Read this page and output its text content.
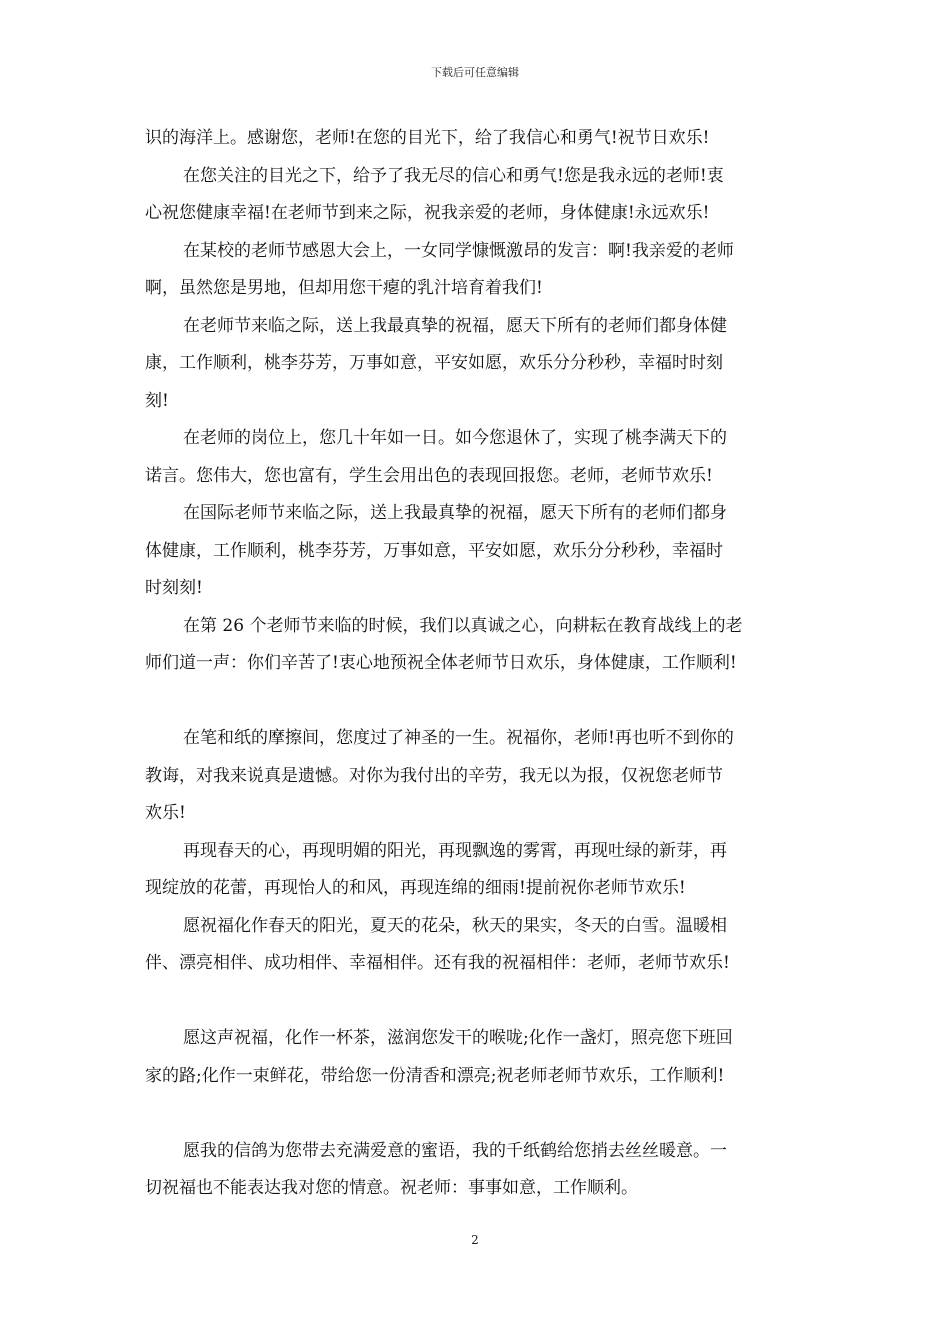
下载后可任意编辑

识的海洋上。感谢您，老师!在您的目光下，给了我信心和勇气!祝节日欢乐!

在您关注的目光之下，给予了我无尽的信心和勇气!您是我永远的老师!衷
心祝您健康幸福!在老师节到来之际，祝我亲爱的老师，身体健康!永远欢乐!

在某校的老师节感恩大会上，一女同学慷慨激昂的发言：啊!我亲爱的老师
啊，虽然您是男地，但却用您干瘪的乳汁培育着我们!

在老师节来临之际，送上我最真挚的祝福，愿天下所有的老师们都身体健
康，工作顺利，桃李芬芳，万事如意，平安如愿，欢乐分分秒秒，幸福时时刻
刻!

在老师的岗位上，您几十年如一日。如今您退休了，实现了桃李满天下的
诺言。您伟大，您也富有，学生会用出色的表现回报您。老师，老师节欢乐!

在国际老师节来临之际，送上我最真挚的祝福，愿天下所有的老师们都身
体健康，工作顺利，桃李芬芳，万事如意，平安如愿，欢乐分分秒秒，幸福时
时刻刻!

在第 26 个老师节来临的时候，我们以真诚之心，向耕耘在教育战线上的老
师们道一声：你们辛苦了!衷心地预祝全体老师节日欢乐，身体健康，工作顺利!

在笔和纸的摩擦间，您度过了神圣的一生。祝福你，老师!再也听不到你的
教诲，对我来说真是遗憾。对你为我付出的辛劳，我无以为报，仅祝您老师节
欢乐!

再现春天的心，再现明媚的阳光，再现飘逸的雾霄，再现吐绿的新芽，再
现绽放的花蕾，再现怡人的和风，再现连绵的细雨!提前祝你老师节欢乐!

愿祝福化作春天的阳光，夏天的花朵，秋天的果实，冬天的白雪。温暖相
伴、漂亮相伴、成功相伴、幸福相伴。还有我的祝福相伴：老师，老师节欢乐!

愿这声祝福，化作一杯茶，滋润您发干的喉咙;化作一盏灯，照亮您下班回
家的路;化作一束鲜花，带给您一份清香和漂亮;祝老师老师节欢乐，工作顺利!

愿我的信鸽为您带去充满爱意的蜜语，我的千纸鹤给您捎去丝丝暖意。一
切祝福也不能表达我对您的情意。祝老师：事事如意，工作顺利。

2
